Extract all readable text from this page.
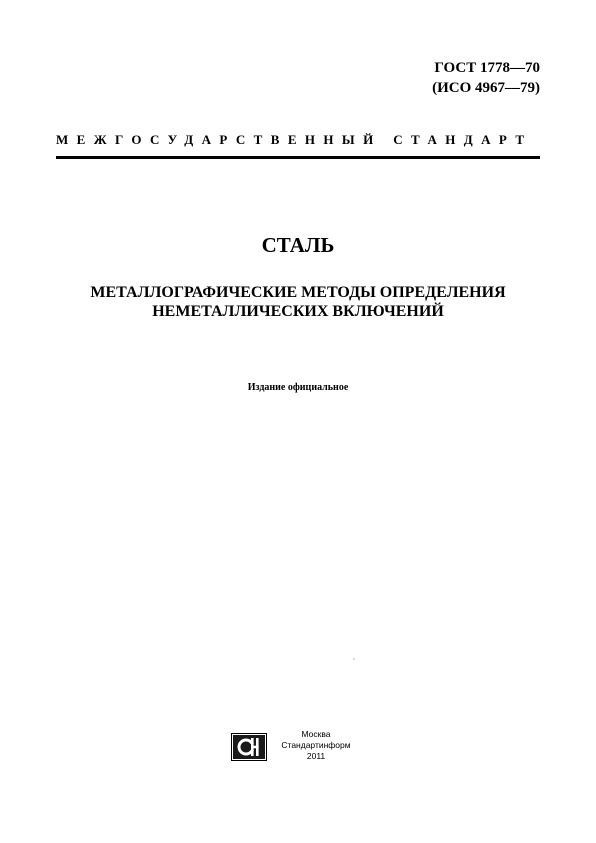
ГОСТ 1778—70
(ИСО 4967—79)
МЕЖГОСУДАРСТВЕННЫЙ СТАНДАРТ
СТАЛЬ
МЕТАЛЛОГРАФИЧЕСКИЕ МЕТОДЫ ОПРЕДЕЛЕНИЯ
НЕМЕТАЛЛИЧЕСКИХ ВКЛЮЧЕНИЙ
Издание официальное
Москва
Стандартинформ
2011
